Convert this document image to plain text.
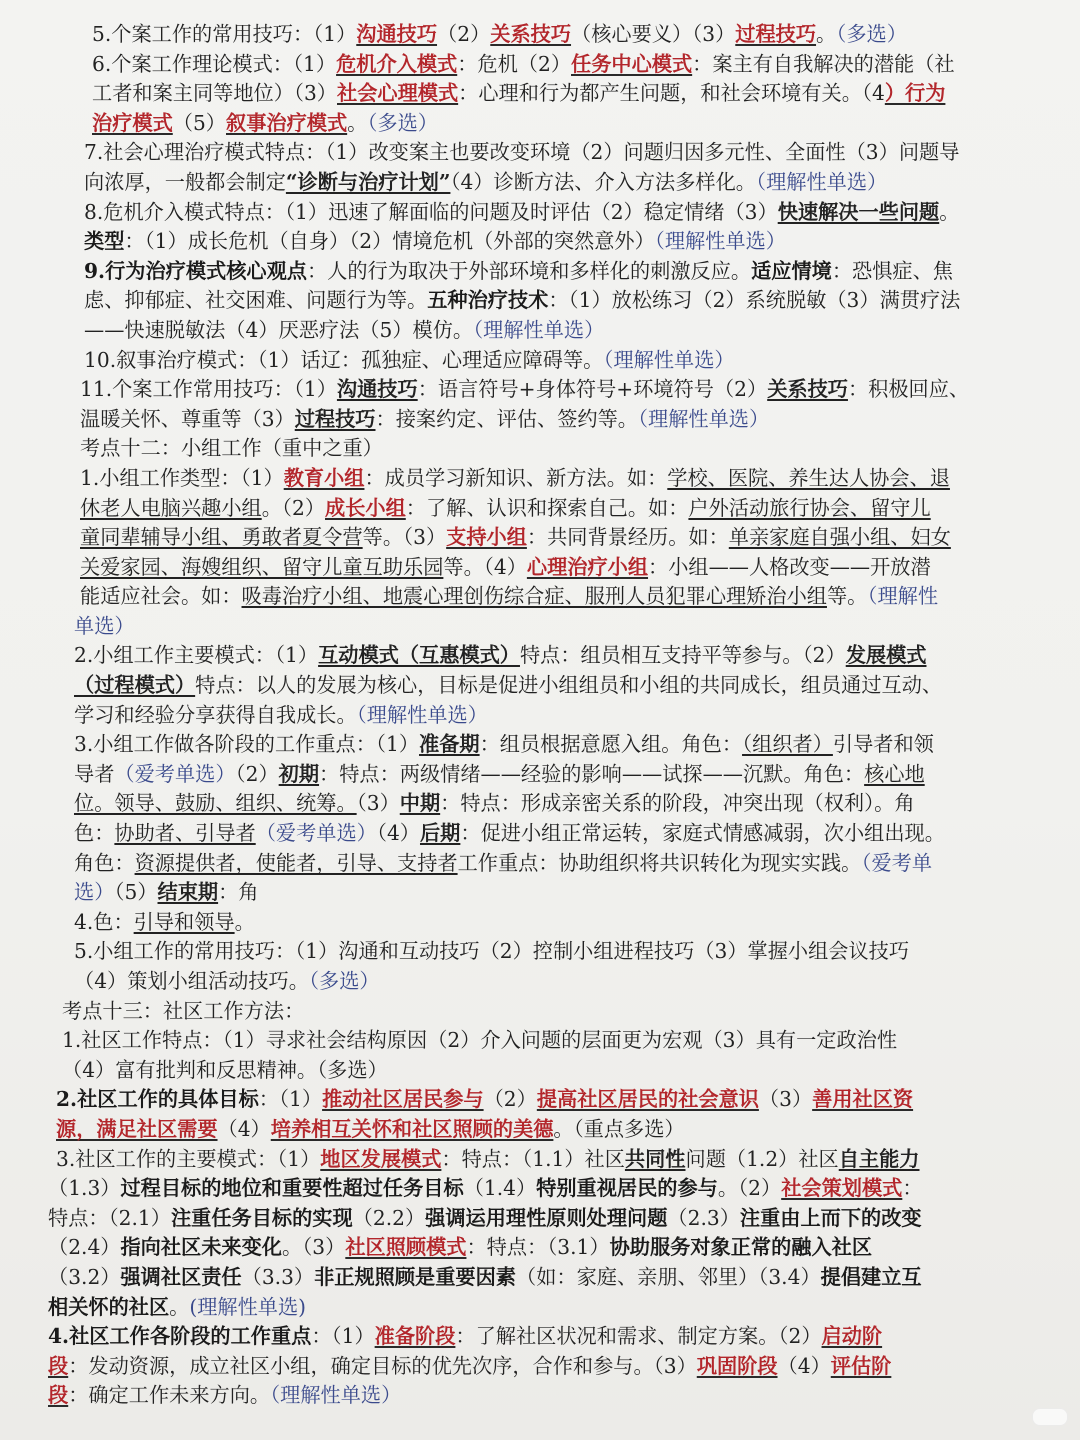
5.个案工作的常用技巧：（1）沟通技巧（2）关系技巧（核心要义）（3）过程技巧。（多选）
6.个案工作理论模式：（1）危机介入模式：危机（2）任务中心模式：案主有自我解决的潜能（社
工者和案主同等地位）（3）社会心理模式：心理和行为都产生问题，和社会环境有关。（4）行为
治疗模式（5）叙事治疗模式。（多选）
7.社会心理治疗模式特点：（1）改变案主也要改变环境（2）问题归因多元性、全面性（3）问题导
向浓厚，一般都会制定“诊断与治疗计划”（4）诊断方法、介入方法多样化。（理解性单选）
8.危机介入模式特点：（1）迅速了解面临的问题及时评估（2）稳定情绪（3）快速解决一些问题。
类型：（1）成长危机（自身）（2）情境危机（外部的突然意外）（理解性单选）
9.行为治疗模式核心观点：人的行为取决于外部环境和多样化的刺激反应。适应情境：恐惧症、焦
虑、抑郁症、社交困难、问题行为等。五种治疗技术：（1）放松练习（2）系统脱敏（3）满贯疗法
——快速脱敏法（4）厌恶疗法（5）模仿。（理解性单选）
10.叙事治疗模式：（1）话辽：孤独症、心理适应障碍等。（理解性单选）
11.个案工作常用技巧：（1）沟通技巧：语言符号+身体符号+环境符号（2）关系技巧：积极回应、
温暖关怀、尊重等（3）过程技巧：接案约定、评估、签约等。（理解性单选）
考点十二：小组工作（重中之重）
1.小组工作类型：（1）教育小组：成员学习新知识、新方法。如：学校、医院、养生达人协会、退
休老人电脑兴趣小组。（2）成长小组：了解、认识和探索自己。如：户外活动旅行协会、留守儿
童同辈辅导小组、勇敢者夏令营等。（3）支持小组：共同背景经历。如：单亲家庭自强小组、妇女
关爱家园、海嫂组织、留守儿童互助乐园等。（4）心理治疗小组：小组——人格改变——开放潜
能适应社会。如：吸毒治疗小组、地震心理创伤综合症、服刑人员犯罪心理矫治小组等。（理解性
单选）
2.小组工作主要模式：（1）互动模式（互惠模式）特点：组员相互支持平等参与。（2）发展模式
（过程模式）特点：以人的发展为核心，目标是促进小组组员和小组的共同成长，组员通过互动、
学习和经验分享获得自我成长。（理解性单选）
3.小组工作做各阶段的工作重点：（1）准备期：组员根据意愿入组。角色：（组织者）引导者和领
导者（爱考单选）（2）初期：特点：两级情绪——经验的影响——试探——沉默。角色：核心地
位。领导、鼓励、组织、统筹。（3）中期：特点：形成亲密关系的阶段，冲突出现（权利）。角
色：协助者、引导者（爱考单选）（4）后期：促进小组正常运转，家庭式情感减弱，次小组出现。
角色：资源提供者，使能者，引导、支持者工作重点：协助组织将共识转化为现实实践。（爱考单
选）（5）结束期：角
4.色：引导和领导。
5.小组工作的常用技巧：（1）沟通和互动技巧（2）控制小组进程技巧（3）掌握小组会议技巧
（4）策划小组活动技巧。（多选）
考点十三：社区工作方法：
1.社区工作特点：（1）寻求社会结构原因（2）介入问题的层面更为宏观（3）具有一定政治性
（4）富有批判和反思精神。（多选）
2.社区工作的具体目标：（1）推动社区居民参与（2）提高社区居民的社会意识（3）善用社区资
源，满足社区需要（4）培养相互关怀和社区照顾的美德。（重点多选）
3.社区工作的主要模式：（1）地区发展模式：特点：（1.1）社区共同性问题（1.2）社区自主能力
（1.3）过程目标的地位和重要性超过任务目标（1.4）特别重视居民的参与。（2）社会策划模式：
特点：（2.1）注重任务目标的实现（2.2）强调运用理性原则处理问题（2.3）注重由上而下的改变
（2.4）指向社区未来变化。（3）社区照顾模式：特点：（3.1）协助服务对象正常的融入社区
（3.2）强调社区责任（3.3）非正规照顾是重要因素（如：家庭、亲朋、邻里）（3.4）提倡建立互
相关怀的社区。(理解性单选)
4.社区工作各阶段的工作重点：（1）准备阶段：了解社区状况和需求、制定方案。（2）启动阶
段：发动资源，成立社区小组，确定目标的优先次序，合作和参与。（3）巩固阶段（4）评估阶
段：确定工作未来方向。（理解性单选）
